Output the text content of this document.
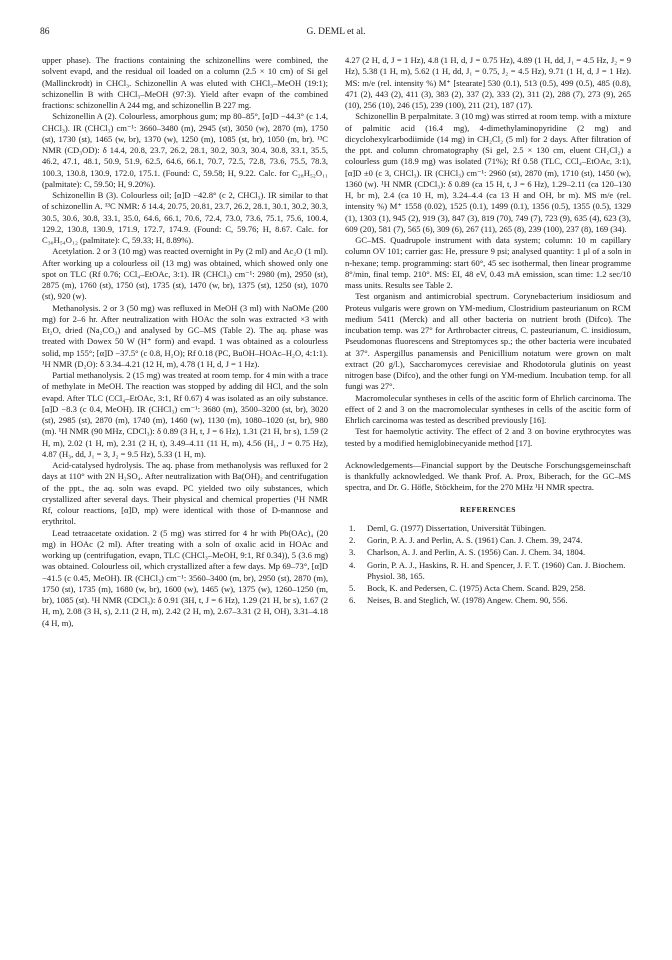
86	G. DEML et al.

upper phase). The fractions containing the schizonellins were combined, the solvent evapd, and the residual oil loaded on a column (2.5 × 10 cm) of Si gel (Mallinckrodt) in CHCl₃. Schizonellin A was eluted with CHCl₃–MeOH (19:1); schizonellin B with CHCl₃–MeOH (97:3). Yield after evapn of the combined fractions: schizonellin A 244 mg, and schizonellin B 227 mg.

Schizonellin A (2). Colourless, amorphous gum; mp 80–85°, [α]D −44.3° (c 1.4, CHCl₃). IR (CHCl₃) cm⁻¹: 3660–3480 (m), 2945 (st), 3050 (w), 2870 (m), 1750 (st), 1730 (st), 1465 (w, br), 1370 (w), 1250 (m), 1085 (st, br), 1050 (m, br). ¹³C NMR (CD₃OD): δ 14.4, 20.8, 23.7, 26.2, 28.1, 30.2, 30.3, 30.4, 30.8, 33.1, 35.5, 46.2, 47.1, 48.1, 50.9, 51.9, 62.5, 64.6, 66.1, 70.7, 72.5, 72.8, 73.6, 75.5, 78.3, 100.3, 130.8, 130.9, 172.0, 175.1. (Found: C, 59.58; H, 9.22. Calc. for C₂₈H₅₂O₁₁ (palmitate): C, 59.50; H, 9.20%).

Schizonellin B (3). Colourless oil; [α]D −42.8° (c 2, CHCl₃). IR similar to that of schizonellin A. ¹³C NMR: δ 14.4, 20.75, 20.81, 23.7, 26.2, 28.1, 30.1, 30.2, 30.3, 30.5, 30.6, 30.8, 33.1, 35.0, 64.6, 66.1, 70.6, 72.4, 73.0, 73.6, 75.1, 75.6, 100.4, 129.2, 130.8, 130.9, 171.9, 172.7, 174.9. (Found: C, 59.76; H, 8.67. Calc. for C₃₀H₅₄O₁₂ (palmitate): C, 59.33; H, 8.89%).

Acetylation. 2 or 3 (10 mg) was reacted overnight in Py (2 ml) and Ac₂O (1 ml). After working up a colourless oil (13 mg) was obtained, which showed only one spot on TLC (Rf 0.76; CCl₄–EtOAc, 3:1). IR (CHCl₃) cm⁻¹: 2980 (m), 2950 (st), 2875 (m), 1760 (st), 1750 (st), 1735 (st), 1470 (w, br), 1375 (st), 1250 (st), 1070 (st), 920 (w).

Methanolysis. 2 or 3 (50 mg) was refluxed in MeOH (3 ml) with NaOMe (200 mg) for 2–6 hr. After neutralization with HOAc the soln was extracted ×3 with Et₂O, dried (Na₂CO₃) and analysed by GC–MS (Table 2). The aq. phase was treated with Dowex 50 W (H⁺ form) and evapd. 1 was obtained as a colourless solid, mp 155°; [α]D −37.5° (c 0.8, H₂O); Rf 0.18 (PC, BuOH–HOAc–H₂O, 4:1:1). ¹H NMR (D₂O): δ 3.34–4.21 (12 H, m), 4.78 (1 H, d, J = 1 Hz).

Partial methanolysis. 2 (15 mg) was treated at room temp. for 4 min with a trace of methylate in MeOH. The reaction was stopped by adding dil HCl, and the soln evapd. After TLC (CCl₄–EtOAc, 3:1, Rf 0.67) 4 was isolated as an oily substance. [α]D −8.3 (c 0.4, MeOH). IR (CHCl₃) cm⁻¹: 3680 (m), 3500–3200 (st, br), 3020 (st), 2985 (st), 2870 (m), 1740 (m), 1460 (w), 1130 (m), 1080–1020 (st, br), 980 (m). ¹H NMR (90 MHz, CDCl₃): δ 0.89 (3 H, t, J = 6 Hz), 1.31 (21 H, br s), 1.59 (2 H, m), 2.02 (1 H, m), 2.31 (2 H, t), 3.49–4.11 (11 H, m), 4.56 (H₁, J = 0.75 Hz), 4.87 (H₃, dd, J₁ = 3, J₂ = 9.5 Hz), 5.33 (1 H, m).

Acid-catalysed hydrolysis. The aq. phase from methanolysis was refluxed for 2 days at 110° with 2N H₂SO₄. After neutralization with Ba(OH)₂ and centrifugation of the ppt., the aq. soln was evapd. PC yielded two oily substances, which crystallized after several days. Their physical and chemical properties (¹H NMR Rf, colour reactions, [α]D, mp) were identical with those of D-mannose and erythritol.

Lead tetraacetate oxidation. 2 (5 mg) was stirred for 4 hr with Pb(OAc)₄ (20 mg) in HOAc (2 ml). After treating with a soln of oxalic acid in HOAc and working up (centrifugation, evapn, TLC (CHCl₃–MeOH, 9:1, Rf 0.34)), 5 (3.6 mg) was obtained. Colourless oil, which crystallized after a few days. Mp 69–73°, [α]D −41.5 (c 0.45, MeOH). IR (CHCl₃) cm⁻¹: 3560–3400 (m, br), 2950 (st), 2870 (m), 1750 (st), 1735 (m), 1680 (w, br), 1600 (w), 1465 (w), 1375 (w), 1260–1250 (m, br), 1085 (st). ¹H NMR (CDCl₃): δ 0.91 (3H, t, J = 6 Hz), 1.29 (21 H, br s), 1.67 (2 H, m), 2.08 (3 H, s), 2.11 (2 H, m), 2.42 (2 H, m), 2.67–3.31 (2 H, OH), 3.31–4.18 (4 H, m),

4.27 (2 H, d, J = 1 Hz), 4.8 (1 H, d, J = 0.75 Hz), 4.89 (1 H, dd, J₁ = 4.5 Hz, J₂ = 9 Hz), 5.38 (1 H, m), 5.62 (1 H, dd, J₁ = 0.75, J₂ = 4.5 Hz), 9.71 (1 H, d, J = 1 Hz). MS: m/e (rel. intensity %) M⁺ [stearate] 530 (0.1), 513 (0.5), 499 (0.5), 485 (0.8), 471 (2), 443 (2), 411 (3), 383 (2), 337 (2), 333 (2), 311 (2), 288 (7), 273 (9), 265 (10), 256 (10), 246 (15), 239 (100), 211 (21), 187 (17).

Schizonellin B perpalmitate. 3 (10 mg) was stirred at room temp. with a mixture of palmitic acid (16.4 mg), 4-dimethylaminopyridine (2 mg) and dicyclohexylcarbodiimide (14 mg) in CH₂Cl₂ (5 ml) for 2 days. After filtration of the ppt. and column chromatography (Si gel, 2.5 × 130 cm, eluent CH₂Cl₂) a colourless gum (18.9 mg) was isolated (71%); Rf 0.58 (TLC, CCl₄–EtOAc, 3:1), [α]D ±0 (c 3, CHCl₃). IR (CHCl₃) cm⁻¹: 2960 (st), 2870 (m), 1710 (st), 1450 (w), 1360 (w). ¹H NMR (CDCl₃): δ 0.89 (ca 15 H, t, J = 6 Hz), 1.29–2.11 (ca 120–130 H, br m), 2.4 (ca 10 H, m), 3.24–4.4 (ca 13 H and OH, br m). MS m/e (rel. intensity %) M⁺ 1558 (0.02), 1525 (0.1), 1499 (0.1), 1356 (0.5), 1355 (0.5), 1329 (1), 1303 (1), 945 (2), 919 (3), 847 (3), 819 (70), 749 (7), 723 (9), 635 (4), 623 (3), 609 (20), 581 (7), 565 (6), 309 (6), 267 (11), 265 (8), 239 (100), 237 (8), 169 (34).

GC–MS. Quadrupole instrument with data system; column: 10 m capillary column OV 101; carrier gas: He, pressure 9 psi; analysed quantity: 1 μl of a soln in n-hexane; temp. programming: start 60°, 45 sec isothermal, then linear programme 8°/min, final temp. 210°. MS: EI, 48 eV, 0.43 mA emission, scan time: 1.2 sec/10 mass units. Results see Table 2.

Test organism and antimicrobial spectrum. Corynebacterium insidiosum and Proteus vulgaris were grown on YM-medium, Clostridium pasteurianum on RCM medium 5411 (Merck) and all other bacteria on nutrient broth (Difco). The incubation temp. was 27° for Arthrobacter citreus, C. pasteurianum, C. insidiosum, Pseudomonas fluorescens and Streptomyces sp.; the other bacteria were incubated at 37°. Aspergillus panamensis and Penicillium notatum were grown on malt extract (20 g/l.), Saccharomyces cerevisiae and Rhodotorula glutinis on yeast nitrogen base (Difco), and the other fungi on YM-medium. Incubation temp. for all fungi was 27°.

Macromolecular syntheses in cells of the ascitic form of Ehrlich carcinoma. The effect of 2 and 3 on the macromolecular syntheses in cells of the ascitic form of Ehrlich carcinoma was tested as described previously [16].

Test for haemolytic activity. The effect of 2 and 3 on bovine erythrocytes was tested by a modified hemiglobinecyanide method [17].

Acknowledgements—Financial support by the Deutsche Forschungsgemeinschaft is thankfully acknowledged. We thank Prof. A. Prox, Biberach, for the GC–MS spectra, and Dr. G. Höfle, Stöckheim, for the 270 MHz ¹H NMR spectra.

REFERENCES
1. Deml, G. (1977) Dissertation, Universität Tübingen.
2. Gorin, P. A. J. and Perlin, A. S. (1961) Can. J. Chem. 39, 2474.
3. Charlson, A. J. and Perlin, A. S. (1956) Can. J. Chem. 34, 1804.
4. Gorin, P. A. J., Haskins, R. H. and Spencer, J. F. T. (1960) Can. J. Biochem. Physiol. 38, 165.
5. Bock, K. and Pedersen, C. (1975) Acta Chem. Scand. B29, 258.
6. Neises, B. and Steglich, W. (1978) Angew. Chem. 90, 556.
